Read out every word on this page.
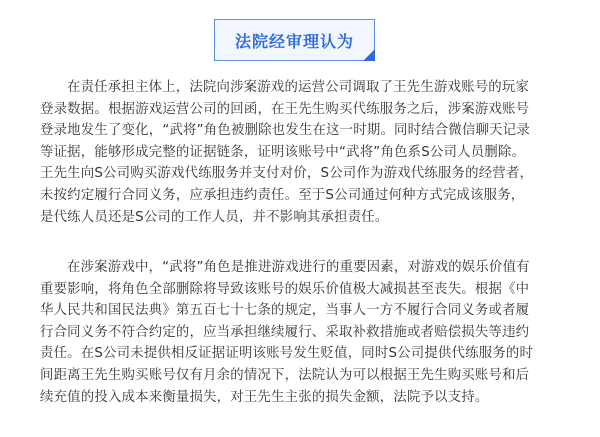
法院经审理认为
在责任承担主体上，法院向涉案游戏的运营公司调取了王先生游戏账号的玩家
登录数据。根据游戏运营公司的回函，在王先生购买代练服务之后，涉案游戏账号
登录地发生了变化，“武将”角色被删除也发生在这一时期。同时结合微信聊天记录
等证据，能够形成完整的证据链条，证明该账号中“武将”角色系S公司人员删除。
王先生向S公司购买游戏代练服务并支付对价，S公司作为游戏代练服务的经营者，
未按约定履行合同义务，应承担违约责任。至于S公司通过何种方式完成该服务，
是代练人员还是S公司的工作人员，并不影响其承担责任。
在涉案游戏中，“武将”角色是推进游戏进行的重要因素，对游戏的娱乐价值有
重要影响，将角色全部删除将导致该账号的娱乐价值极大减损甚至丧失。根据《中
华人民共和国民法典》第五百七十七条的规定，当事人一方不履行合同义务或者履
行合同义务不符合约定的，应当承担继续履行、采取补救措施或者赔偿损失等违约
责任。在S公司未提供相反证据证明该账号发生贬值，同时S公司提供代练服务的时
间距离王先生购买账号仅有月余的情况下，法院认为可以根据王先生购买账号和后
续充值的投入成本来衡量损失，对王先生主张的损失金额，法院予以支持。
